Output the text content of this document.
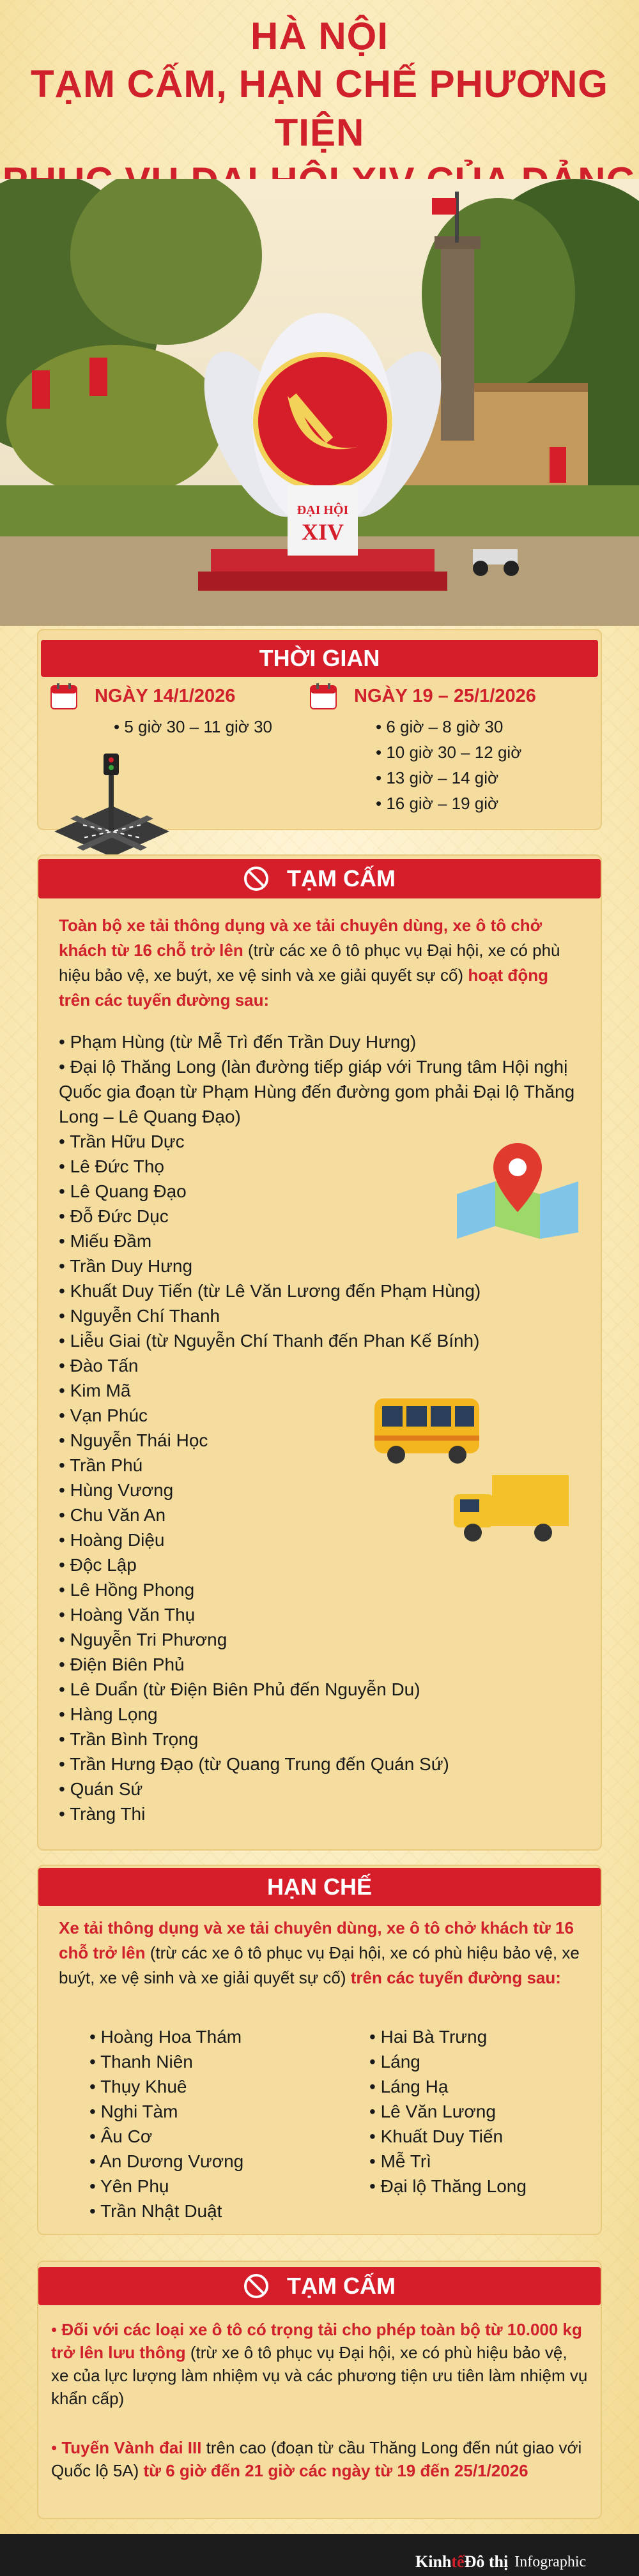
HÀ NỘI
TẠM CẤM, HẠN CHẾ PHƯƠNG TIỆN
ĐẠI HỘI
XIV
THỜI GIAN
NGÀY 14/1/2026
• 5 giờ 30 – 11 giờ 30
NGÀY 19 – 25/1/2026
• 6 giờ – 8 giờ 30
• 10 giờ 30 – 12 giờ
• 13 giờ – 14 giờ
• 16 giờ – 19 giờ
TẠM CẤM
Toàn bộ xe tải thông dụng và xe tải chuyên dùng, xe ô tô chở khách từ 16 chỗ trở lên (trừ các xe ô tô phục vụ Đại hội, xe có phù hiệu bảo vệ, xe buýt, xe vệ sinh và xe giải quyết sự cố) hoạt động trên các tuyến đường sau:
• Phạm Hùng (từ Mễ Trì đến Trần Duy Hưng)
• Đại lộ Thăng Long (làn đường tiếp giáp với Trung tâm Hội nghị Quốc gia đoạn từ Phạm Hùng đến đường gom phải Đại lộ Thăng Long – Lê Quang Đạo)
• Trần Hữu Dực
• Lê Đức Thọ
• Lê Quang Đạo
• Đỗ Đức Dục
• Miếu Đầm
• Trần Duy Hưng
• Khuất Duy Tiến (từ Lê Văn Lương đến Phạm Hùng)
• Nguyễn Chí Thanh
• Liễu Giai (từ Nguyễn Chí Thanh đến Phan Kế Bính)
• Đào Tấn
• Kim Mã
• Vạn Phúc
• Nguyễn Thái Học
• Trần Phú
• Hùng Vương
• Chu Văn An
• Hoàng Diệu
• Độc Lập
• Lê Hồng Phong
• Hoàng Văn Thụ
• Nguyễn Tri Phương
• Điện Biên Phủ
• Lê Duẩn (từ Điện Biên Phủ đến Nguyễn Du)
• Hàng Lọng
• Trần Bình Trọng
• Trần Hưng Đạo (từ Quang Trung đến Quán Sứ)
• Quán Sứ
• Tràng Thi
HẠN CHẾ
Xe tải thông dụng và xe tải chuyên dùng, xe ô tô chở khách từ 16 chỗ trở lên (trừ các xe ô tô phục vụ Đại hội, xe có phù hiệu bảo vệ, xe buýt, xe vệ sinh và xe giải quyết sự cố) trên các tuyến đường sau:
• Hoàng Hoa Thám
• Thanh Niên
• Thụy Khuê
• Nghi Tàm
• Âu Cơ
• An Dương Vương
• Yên Phụ
• Trần Nhật Duật
• Hai Bà Trưng
• Láng
• Láng Hạ
• Lê Văn Lương
• Khuất Duy Tiến
• Mễ Trì
• Đại lộ Thăng Long
TẠM CẤM
• Đối với các loại xe ô tô có trọng tải cho phép toàn bộ từ 10.000 kg trở lên lưu thông (trừ xe ô tô phục vụ Đại hội, xe có phù hiệu bảo vệ, xe của lực lượng làm nhiệm vụ và các phương tiện ưu tiên làm nhiệm vụ khẩn cấp)
• Tuyến Vành đai III trên cao (đoạn từ cầu Thăng Long đến nút giao với Quốc lộ 5A) từ 6 giờ đến 21 giờ các ngày từ 19 đến 25/1/2026
KinhtếĐô thị Infographic
